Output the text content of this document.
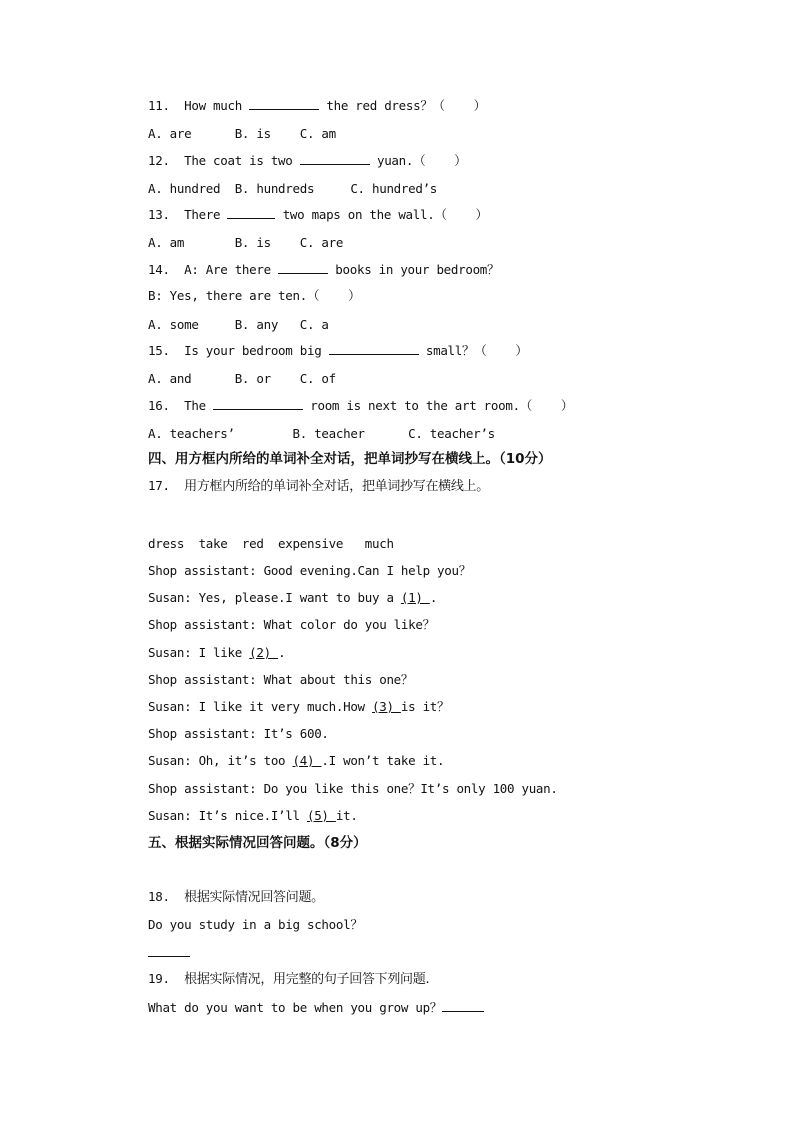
11.  How much	the red dress？（    ）
A. are      B. is    C. am
12.  The coat is two	yuan.（    ）
A. hundred  B. hundreds     C. hundred’s
13.  There	two maps on the wall.（    ）
A. am       B. is    C. are
14.  A: Are there	books in your bedroom？
B: Yes, there are ten.（    ）
A. some     B. any   C. a
15.  Is your bedroom big	small？（    ）
A. and      B. or    C. of
16.  The	room is next to the art room.（    ）
A. teachers’        B. teacher      C. teacher’s
四、用方框内所给的单词补全对话，把单词抄写在横线上。（10分）
17.  用方框内所给的单词补全对话，把单词抄写在横线上。
dress  take  red  expensive   much
Shop assistant: Good evening.Can I help you？
Susan: Yes, please.I want to buy a (1) .
Shop assistant: What color do you like？
Susan: I like (2) .
Shop assistant: What about this one？
Susan: I like it very much.How (3) is it？
Shop assistant: It’s 600.
Susan: Oh, it’s too (4) .I won’t take it.
Shop assistant: Do you like this one？It’s only 100 yuan.
Susan: It’s nice.I’ll (5) it.
五、根据实际情况回答问题。（8分）
18.  根据实际情况回答问题。
Do you study in a big school？
19.  根据实际情况，用完整的句子回答下列问题.
What do you want to be when you grow up？
